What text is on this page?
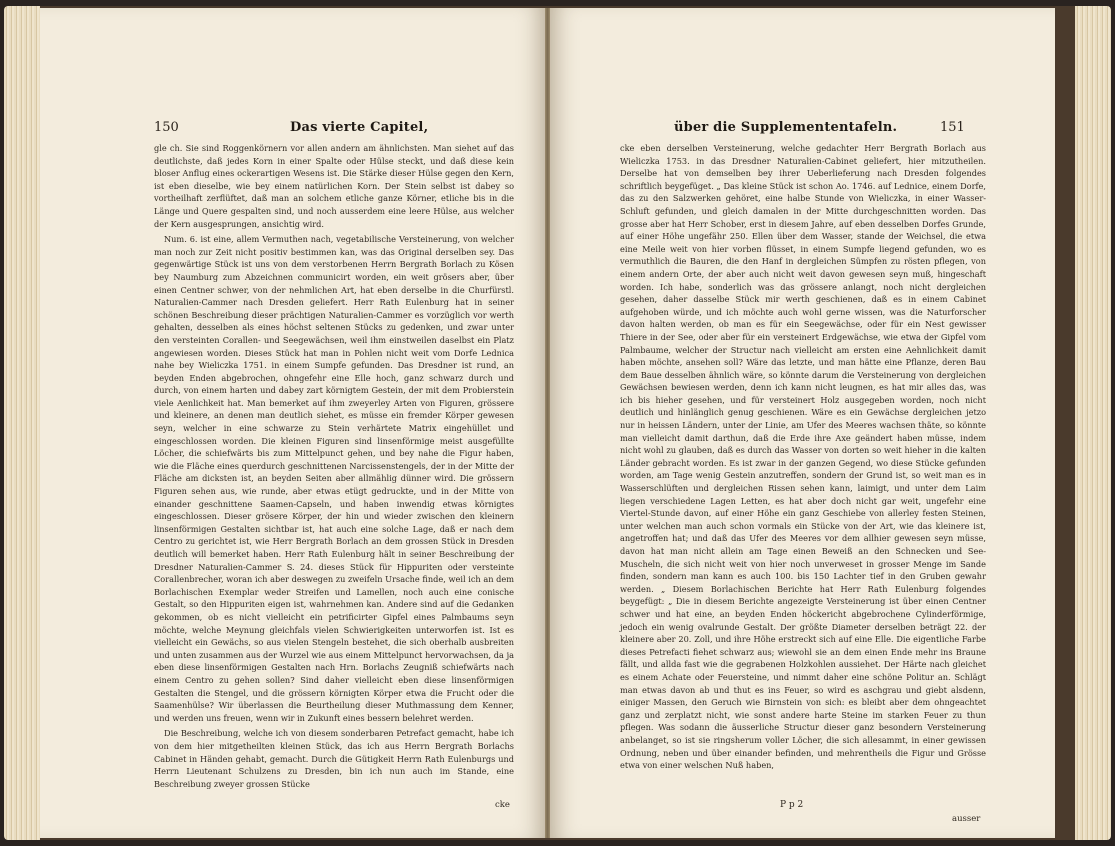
150	Das vierte Capitel,

gle ch. Sie sind Roggenkörnern vor allen andern am ähnlichsten. Man siehet auf das deutlichste, daß jedes Korn in einer Spalte oder Hülse steckt, und daß diese kein bloser Anflug eines ockerartigen Wesens ist. Die Stärke dieser Hülse gegen den Kern, ist eben dieselbe, wie bey einem natürlichen Korn. Der Stein selbst ist dabey so vortheilhaft zerflüftet, daß man an solchem etliche ganze Körner, etliche bis in die Länge und Quere gespalten sind, und noch ausserdem eine leere Hülse, aus welcher der Kern ausgesprungen, ansichtig wird.

Num. 6. ist eine, allem Vermuthen nach, vegetabilische Versteinerung, von welcher man noch zur Zeit nicht positiv bestimmen kan, was das Original derselben sey. Das gegenwärtige Stück ist uns von dem verstorbenen Herrn Bergrath Borlach zu Kösen bey Naumburg zum Abzeichnen communicirt worden, ein weit grösers aber, über einen Centner schwer, von der nehmlichen Art, hat eben derselbe in die Churfürstl. Naturalien-Cammer nach Dresden geliefert. Herr Rath Eulenburg hat in seiner schönen Beschreibung dieser prächtigen Naturalien-Cammer es vorzüglich vor werth gehalten, desselben als eines höchst seltenen Stücks zu gedenken, und zwar unter den versteinten Corallen- und Seegewächsen, weil ihm einstweilen daselbst ein Platz angewiesen worden. Dieses Stück hat man in Pohlen nicht weit vom Dorfe Lednica nahe bey Wieliczka 1751. in einem Sumpfe gefunden. Das Dresdner ist rund, an beyden Enden abgebrochen, ohngefehr eine Elle hoch, ganz schwarz durch und durch, von einem harten und dabey zart körnigtem Gestein, der mit dem Probierstein viele Aenlichkeit hat. Man bemerket auf ihm zweyerley Arten von Figuren, grössere und kleinere, an denen man deutlich siehet, es müsse ein fremder Körper gewesen seyn, welcher in eine schwarze zu Stein verhärtete Matrix eingehüllet und eingeschlossen worden. Die kleinen Figuren sind linsenförmige meist ausgefüllte Löcher, die schiefwärts bis zum Mittelpunct gehen, und bey nahe die Figur haben, wie die Fläche eines querdurch geschnittenen Narcissenstengels, der in der Mitte der Fläche am dicksten ist, an beyden Seiten aber allmählig dünner wird. Die grössern Figuren sehen aus, wie runde, aber etwas etügt gedruckte, und in der Mitte von einander geschnittene Saamen-Capseln, und haben inwendig etwas körnigtes eingeschlossen. Dieser grösere Körper, der hin und wieder zwischen den kleinern linsenförmigen Gestalten sichtbar ist, hat auch eine solche Lage, daß er nach dem Centro zu gerichtet ist, wie Herr Bergrath Borlach an dem grossen Stück in Dresden deutlich will bemerket haben. Herr Rath Eulenburg hält in seiner Beschreibung der Dresdner Naturalien-Cammer S. 24. dieses Stück für Hippuriten oder versteinte Corallenbrecher, woran ich aber deswegen zu zweifeln Ursache finde, weil ich an dem Borlachischen Exemplar weder Streifen und Lamellen, noch auch eine conische Gestalt, so den Hippuriten eigen ist, wahrnehmen kan. Andere sind auf die Gedanken gekommen, ob es nicht vielleicht ein petrificirter Gipfel eines Palmbaums seyn möchte, welche Meynung gleichfals vielen Schwierigkeiten unterworfen ist. Ist es vielleicht ein Gewächs, so aus vielen Stengeln bestehet, die sich oberhalb ausbreiten und unten zusammen aus der Wurzel wie aus einem Mittelpunct hervorwachsen, da ja eben diese linsenförmigen Gestalten nach Hrn. Borlachs Zeugniß schiefwärts nach einem Centro zu gehen sollen? Sind daher vielleicht eben diese linsenförmigen Gestalten die Stengel, und die grössern körnigten Körper etwa die Frucht oder die Saamenhülse? Wir überlassen die Beurtheilung dieser Muthmassung dem Kenner, und werden uns freuen, wenn wir in Zukunft eines bessern belehret werden.

Die Beschreibung, welche ich von diesem sonderbaren Petrefact gemacht, habe ich von dem hier mitgetheilten kleinen Stück, das ich aus Herrn Bergrath Borlachs Cabinet in Händen gehabt, gemacht. Durch die Gütigkeit Herrn Rath Eulenburgs und Herrn Lieutenant Schulzens zu Dresden, bin ich nun auch im Stande, eine Beschreibung zweyer grossen Stücke

cke
über die Supplemententafeln.	151

cke eben derselben Versteinerung, welche gedachter Herr Bergrath Borlach aus Wieliczka 1753. in das Dresdner Naturalien-Cabinet geliefert, hier mitzutheilen. Derselbe hat von demselben bey ihrer Ueberlieferung nach Dresden folgendes schriftlich beygefüget. „ Das kleine Stück ist schon Ao. 1746. auf Lednice, einem Dorfe, das zu den Salzwerken gehöret, eine halbe Stunde von Wieliczka, in einer Wasser-Schluft gefunden, und gleich damalen in der Mitte durchgeschnitten worden. Das grosse aber hat Herr Schober, erst in diesem Jahre, auf eben desselben Dorfes Grunde, auf einer Höhe ungefähr 250. Ellen über dem Wasser, stande der Weichsel, die etwa eine Meile weit von hier vorben flüsset, in einem Sumpfe liegend gefunden, wo es vermuthlich die Bauren, die den Hanf in dergleichen Sümpfen zu rösten pflegen, von einem andern Orte, der aber auch nicht weit davon gewesen seyn muß, hingeschaft worden. Ich habe, sonderlich was das grössere anlangt, noch nicht dergleichen gesehen, daher dasselbe Stück mir werth geschienen, daß es in einem Cabinet aufgehoben würde, und ich möchte auch wohl gerne wissen, was die Naturforscher davon halten werden, ob man es für ein Seegewächse, oder für ein Nest gewisser Thiere in der See, oder aber für ein versteinert Erdgewächse, wie etwa der Gipfel vom Palmbaume, welcher der Structur nach vielleicht am ersten eine Aehnlichkeit damit haben möchte, ansehen soll? Wäre das letzte, und man hätte eine Pflanze, deren Bau dem Baue desselben ähnlich wäre, so könnte darum die Versteinerung von dergleichen Gewächsen bewiesen werden, denn ich kann nicht leugnen, es hat mir alles das, was ich bis hieher gesehen, und für versteinert Holz ausgegeben worden, noch nicht deutlich und hinlänglich genug geschienen. Wäre es ein Gewächse dergleichen jetzo nur in heissen Ländern, unter der Linie, am Ufer des Meeres wachsen thäte, so könnte man vielleicht damit darthun, daß die Erde ihre Axe geändert haben müsse, indem nicht wohl zu glauben, daß es durch das Wasser von dorten so weit hieher in die kalten Länder gebracht worden. Es ist zwar in der ganzen Gegend, wo diese Stücke gefunden worden, am Tage wenig Gestein anzutreffen, sondern der Grund ist, so weit man es in Wasserschlüften und dergleichen Rissen sehen kann, laimigt, und unter dem Laim liegen verschiedene Lagen Letten, es hat aber doch nicht gar weit, ungefehr eine Viertel-Stunde davon, auf einer Höhe ein ganz Geschiebe von allerley festen Steinen, unter welchen man auch schon vormals ein Stücke von der Art, wie das kleinere ist, angetroffen hat; und daß das Ufer des Meeres vor dem allhier gewesen seyn müsse, davon hat man nicht allein am Tage einen Beweiß an den Schnecken und See-Muscheln, die sich nicht weit von hier noch unverweset in grosser Menge im Sande finden, sondern man kann es auch 100. bis 150 Lachter tief in den Gruben gewahr werden. „ Diesem Borlachischen Berichte hat Herr Rath Eulenburg folgendes beygefügt: „ Die in diesem Berichte angezeigte Versteinerung ist über einen Centner schwer und hat eine, an beyden Enden höckericht abgebrochene Cylinderförmige, jedoch ein wenig ovalrunde Gestalt. Der größte Diameter derselben beträgt 22. der kleinere aber 20. Zoll, und ihre Höhe erstreckt sich auf eine Elle. Die eigentliche Farbe dieses Petrefacti fiehet schwarz aus; wiewohl sie an dem einen Ende mehr ins Braune fällt, und allda fast wie die gegrabenen Holzkohlen aussiehet. Der Härte nach gleichet es einem Achate oder Feuersteine, und nimmt daher eine schöne Politur an. Schlägt man etwas davon ab und thut es ins Feuer, so wird es aschgrau und giebt alsdenn, einiger Massen, den Geruch wie Birnstein von sich: es bleibt aber dem ohngeachtet ganz und zerplatzt nicht, wie sonst andere harte Steine im starken Feuer zu thun pflegen. Was sodann die äusserliche Structur dieser ganz besondern Versteinerung anbelanget, so ist sie ringsherum voller Löcher, die sich allesammt, in einer gewissen Ordnung, neben und über einander befinden, und mehrentheils die Figur und Grösse etwa von einer welschen Nuß haben,

P p 2
ausser
